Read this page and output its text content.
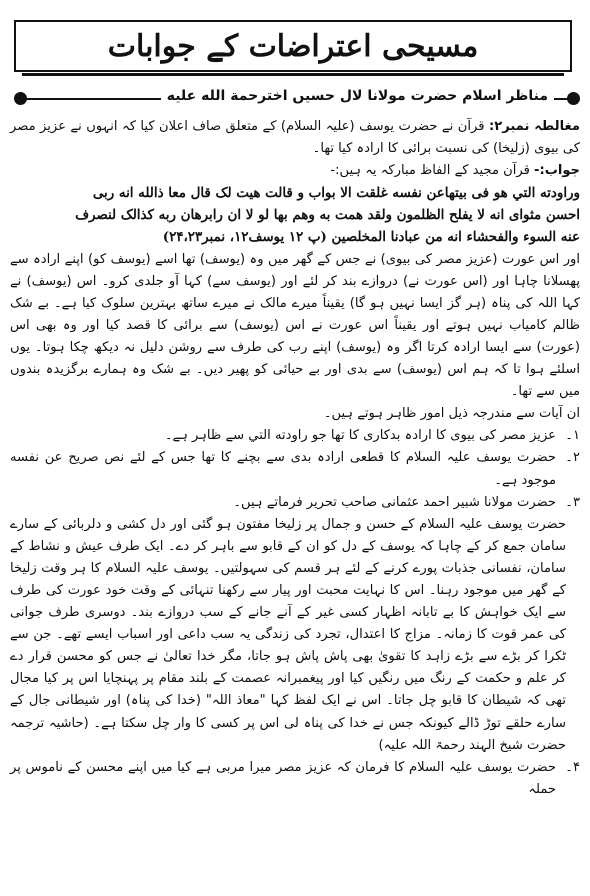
مسیحی اعتراضات کے جوابات
مناظر اسلام حضرت مولانا لال حسیں اخترحمة الله عليه

مغالطہ نمبر۲: قرآن نے حضرت یوسف (علیہ السلام) کے متعلق صاف اعلان کیا کہ انہوں نے عزیز مصر کی بیوی (زلیخا) کی نسبت برائی کا ارادہ کیا تھا۔

جواب:- قرآن مجید کے الفاظ مبارکہ یہ ہیں:-

وراودته التي هو فی بیتهاعن نفسه غلقت الا بواب و قالت هیت لک قال معا ذالله انه ربی

احسن مثوای انه لا یفلح الظلمون ولقد همت به وهم بها لو لا ان رابرهان ربه كذالک لنصرف

عنه السوء والفحشاء انه من عبادنا المخلصين (پ ۱۲ یوسف۱۲، نمبر۲۴،۲۳)

اور اس عورت (عزیز مصر کی بیوی) نے جس کے گھر میں وہ (یوسف) تھا اسے (یوسف کو) اپنے ارادہ سے پھسلانا چاہا اور (اس عورت نے) دروازے بند کر لئے اور (یوسف سے) کہا آو جلدی کرو۔ اس (یوسف) نے کہا اللہ کی پناہ (ہر گز ایسا نہیں ہو گا) یقیناً میرے مالک نے میرے ساتھ بہترین سلوک کیا ہے۔ بے شک ظالم کامیاب نہیں ہوتے اور یقیناً اس عورت نے اس (یوسف) سے برائی کا قصد کیا اور وہ بھی اس (عورت) سے ایسا ارادہ کرتا اگر وہ (یوسف) اپنے رب کی طرف سے روشن دلیل نہ دیکھ چکا ہوتا۔ یوں اسلئے ہوا تا کہ ہم اس (یوسف) سے بدی اور بے حیائی کو پھیر دیں۔ بے شک وہ ہمارے برگزیدہ بندوں میں سے تھا۔

ان آیات سے مندرجہ ذیل امور ظاہر ہوتے ہیں۔

۱۔
عزیز مصر کی بیوی کا ارادہ بدکاری کا تھا جو راودته التي سے ظاہر ہے۔
۲۔
حضرت یوسف علیہ السلام کا قطعی ارادہ بدی سے بچنے کا تھا جس کے لئے نص صریح عن نفسه موجود ہے۔
۳۔
حضرت مولانا شبیر احمد عثمانی صاحب تحریر فرماتے ہیں۔

حضرت یوسف علیہ السلام کے حسن و جمال پر زلیخا مفتون ہو گئی اور دل کشی و دلربائی کے سارے سامان جمع کر کے چاہا کہ یوسف کے دل کو ان کے قابو سے باہر کر دے۔ ایک طرف عیش و نشاط کے سامان، نفسانی جذبات پورے کرنے کے لئے ہر قسم کی سہولتیں۔ یوسف علیہ السلام کا ہر وقت زلیخا کے گھر میں موجود رہنا۔ اس کا نہایت محبت اور پیار سے رکھنا تنہائی کے وقت خود عورت کی طرف سے ایک خواہش کا بے تابانہ اظہار کسی غیر کے آنے جانے کے سب دروازے بند۔ دوسری طرف جوانی کی عمر قوت کا زمانہ۔ مزاج کا اعتدال، تجرد کی زندگی یہ سب داعی اور اسباب ایسے تھے۔ جن سے ٹکرا کر بڑے سے بڑے زاہد کا تقویٰ بھی پاش پاش ہو جاتا، مگر خدا تعالیٰ نے جس کو محسن قرار دے کر علم و حکمت کے رنگ میں رنگیں کیا اور پیغمبرانہ عصمت کے بلند مقام پر پہنچایا اس پر کیا مجال تھی کہ شیطان کا قابو چل جاتا۔ اس نے ایک لفظ کہا "معاذ اللہ" (خدا کی پناہ) اور شیطانی جال کے سارے حلقے توڑ ڈالے کیونکہ جس نے خدا کی پناہ لی اس پر کسی کا وار چل سکتا ہے۔ (حاشیہ ترجمہ حضرت شیخ الہند رحمۃ اللہ علیہ)

۴۔
حضرت یوسف علیہ السلام کا فرمان کہ عزیز مصر میرا مربی ہے کیا میں اپنے محسن کے ناموس پر حملہ
